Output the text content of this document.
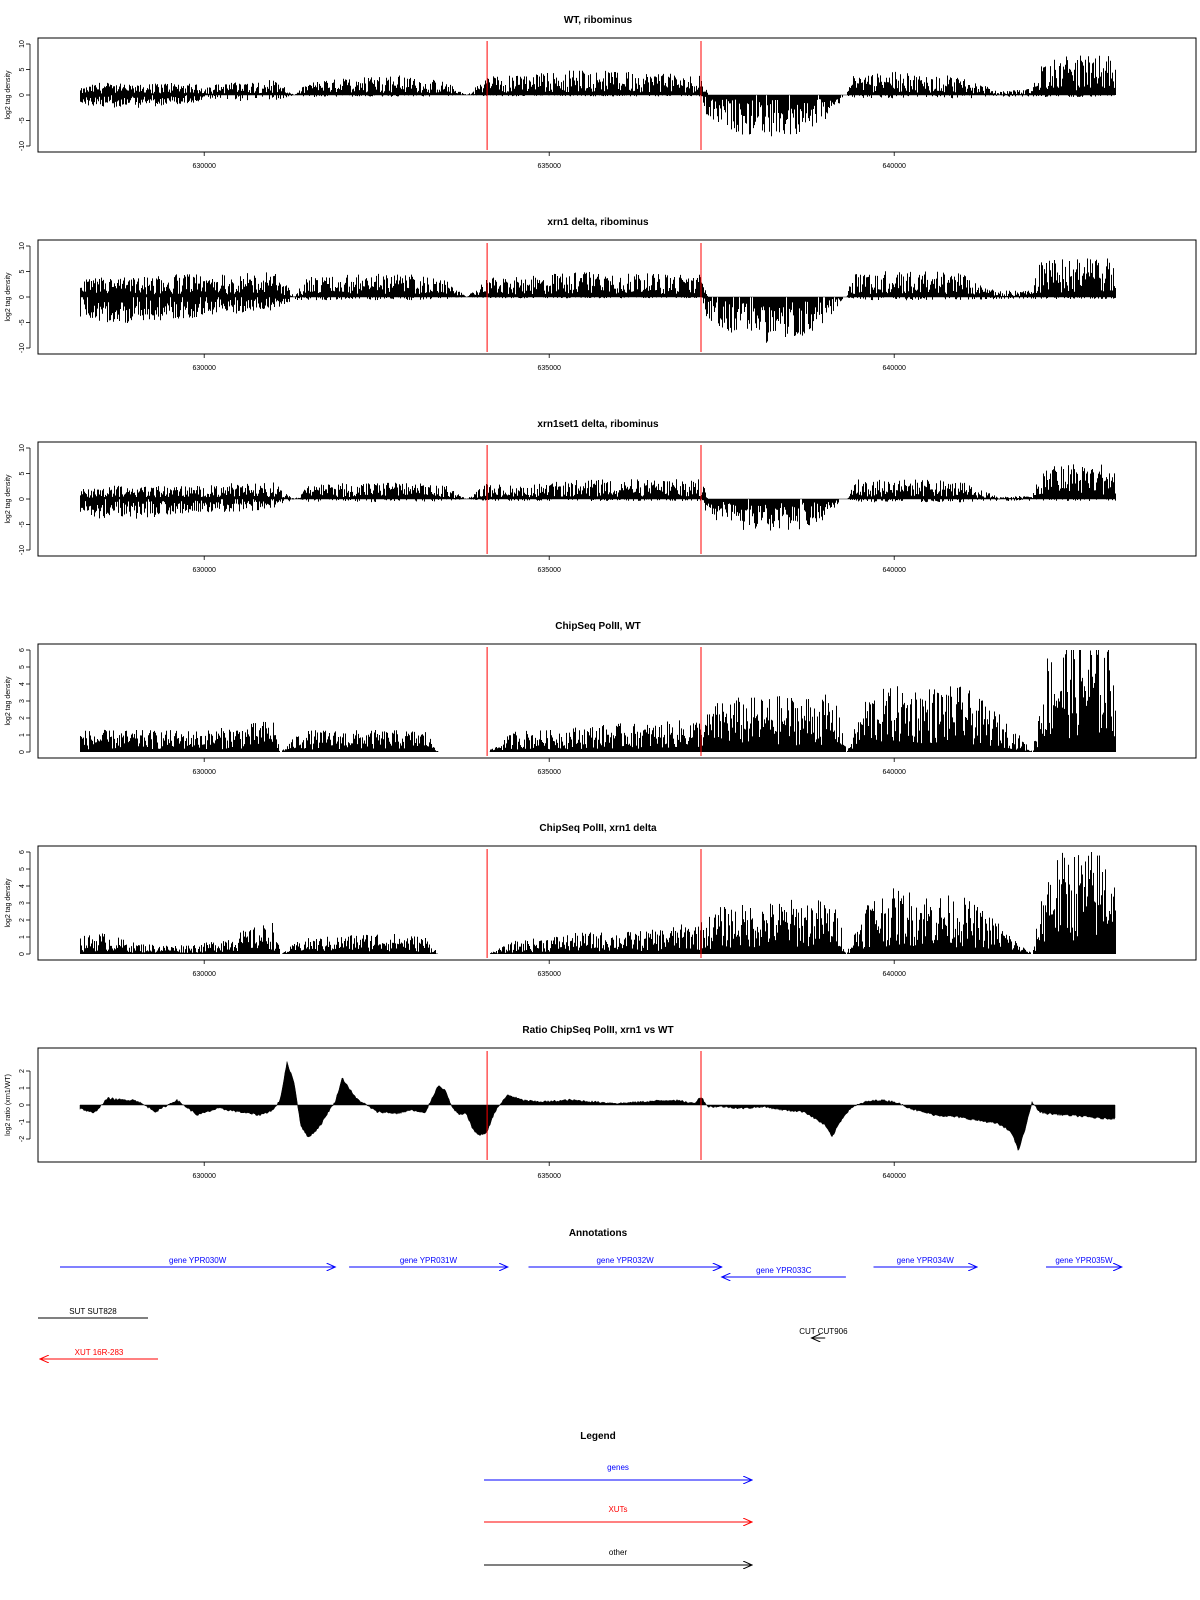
WT, ribominus
-10
-5
0
5
10
630000	635000	640000
log2 tag density
xrn1 delta, ribominus
-10
-5
0
5
10
630000	635000	640000
log2 tag density
xrn1set1 delta, ribominus
-10
-5
0
5
10
630000	635000	640000
log2 tag density
ChipSeq PolII, WT
0
1
2
3
4
5
6
630000	635000	640000
log2 tag density
ChipSeq PolII, xrn1 delta
0
1
2
3
4
5
6
630000	635000	640000
log2 tag density
Ratio ChipSeq PolII, xrn1 vs WT
-2
-1
0
1
2
630000	635000	640000
log2 ratio (xrn1/WT)
Annotations
gene YPR030W	gene YPR031W	gene YPR032W
gene YPR033C
gene YPR034W	gene YPR035W
SUT SUT828
CUT CUT906
XUT 16R-283
Legend
genes
XUTs
other
